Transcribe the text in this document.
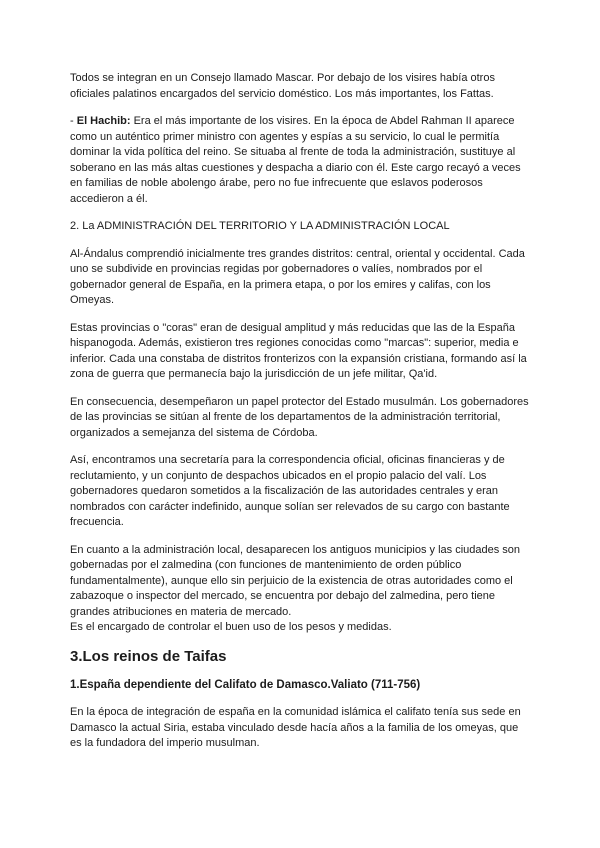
Todos se integran en un Consejo llamado Mascar. Por debajo de los visires había otros oficiales palatinos encargados del servicio doméstico. Los más importantes, los Fattas.

- El Hachib: Era el más importante de los visires. En la época de Abdel Rahman II aparece como un auténtico primer ministro con agentes y espías a su servicio, lo cual le permitía dominar la vida política del reino. Se situaba al frente de toda la administración, sustituye al soberano en las más altas cuestiones y despacha a diario con él. Este cargo recayó a veces en familias de noble abolengo árabe, pero no fue infrecuente que eslavos poderosos accedieron a él.

2. La ADMINISTRACIÓN DEL TERRITORIO Y LA ADMINISTRACIÓN LOCAL

Al-Ándalus comprendió inicialmente tres grandes distritos: central, oriental y occidental. Cada uno se subdivide en provincias regidas por gobernadores o valíes, nombrados por el gobernador general de España, en la primera etapa, o por los emires y califas, con los Omeyas.

Estas provincias o "coras" eran de desigual amplitud y más reducidas que las de la España hispanogoda. Además, existieron tres regiones conocidas como "marcas": superior, media e inferior. Cada una constaba de distritos fronterizos con la expansión cristiana, formando así la zona de guerra que permanecía bajo la jurisdicción de un jefe militar, Qa'id.

En consecuencia, desempeñaron un papel protector del Estado musulmán. Los gobernadores de las provincias se sitúan al frente de los departamentos de la administración territorial, organizados a semejanza del sistema de Córdoba.

Así, encontramos una secretaría para la correspondencia oficial, oficinas financieras y de reclutamiento, y un conjunto de despachos ubicados en el propio palacio del valí. Los gobernadores quedaron sometidos a la fiscalización de las autoridades centrales y eran nombrados con carácter indefinido, aunque solían ser relevados de su cargo con bastante frecuencia.

En cuanto a la administración local, desaparecen los antiguos municipios y las ciudades son gobernadas por el zalmedina (con funciones de mantenimiento de orden público fundamentalmente), aunque ello sin perjuicio de la existencia de otras autoridades como el zabazoque o inspector del mercado, se encuentra por debajo del zalmedina, pero tiene grandes atribuciones en materia de mercado.

Es el encargado de controlar el buen uso de los pesos y medidas.

3.Los reinos de Taifas
1.España dependiente del Califato de Damasco.Valiato (711-756)

En la época de integración de españa en la comunidad islámica el califato tenía sus sede en Damasco la actual Siria, estaba vinculado desde hacía años a la familia de los omeyas, que es la fundadora del imperio musulman.
